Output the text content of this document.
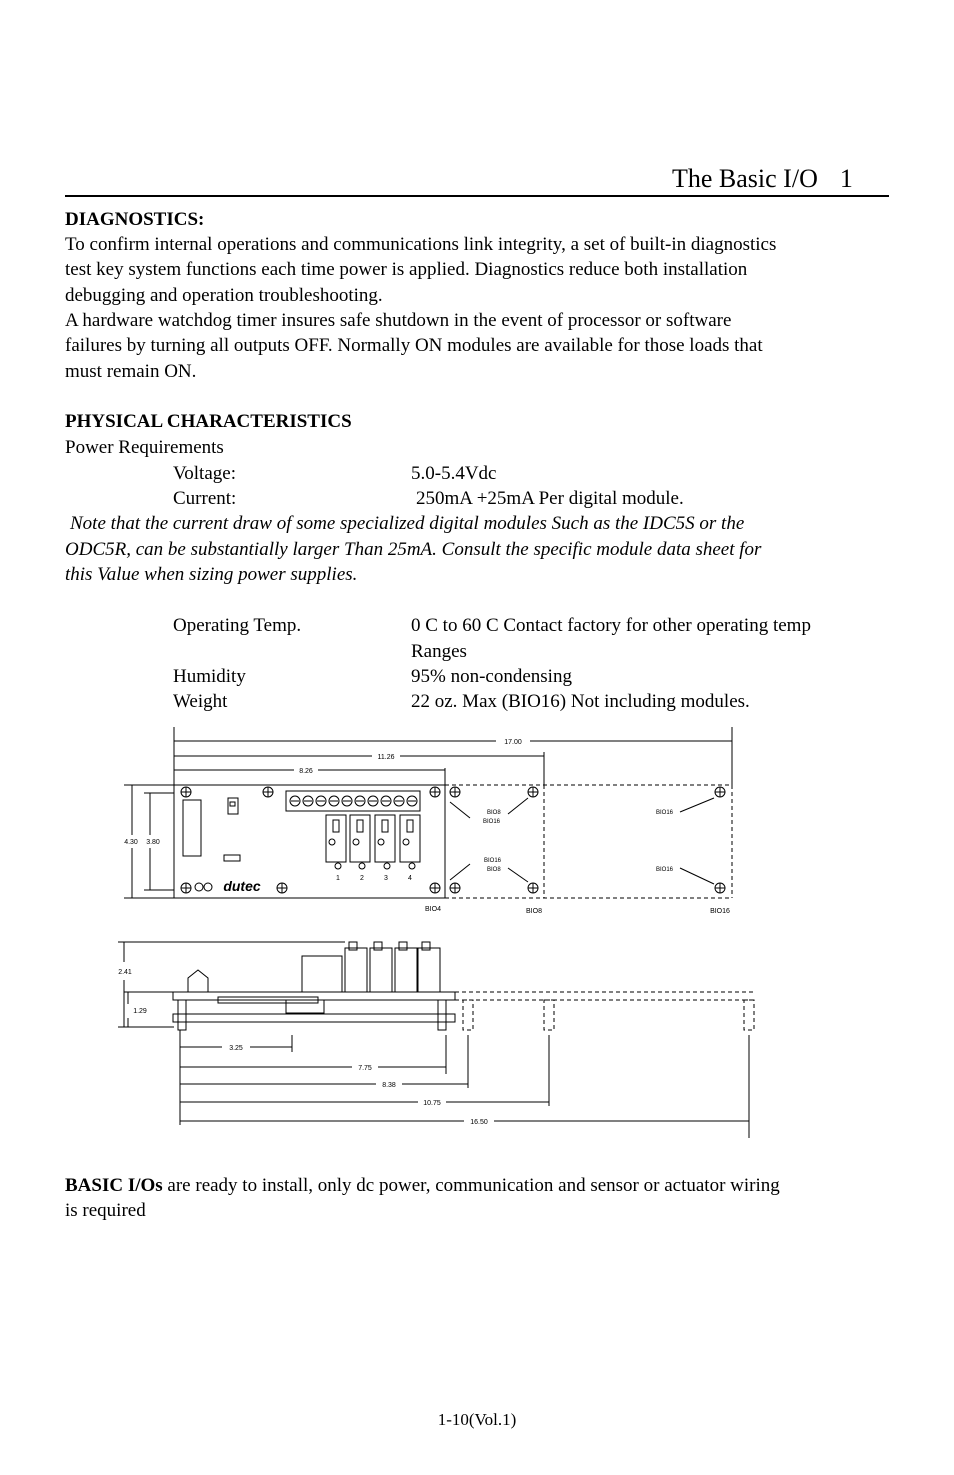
The Basic I/O 1
DIAGNOSTICS:
To confirm internal operations and communications link integrity, a set of built-in diagnostics
test key system functions each time power is applied. Diagnostics reduce both installation
debugging and operation troubleshooting.
A hardware watchdog timer insures safe shutdown in the event of processor or software
failures by turning all outputs OFF. Normally ON modules are available for those loads that
must remain ON.
PHYSICAL CHARACTERISTICS
Power Requirements
Voltage:	5.0-5.4Vdc
Current:	250mA +25mA Per digital module.
Note that the current draw of some specialized digital modules Such as the IDC5S or the
ODC5R, can be substantially larger Than 25mA. Consult the specific module data sheet for
this Value when sizing power supplies.
Operating Temp.	0 C to 60 C Contact factory for other operating temp
Ranges
Humidity	95% non-condensing
Weight	22 oz. Max (BIO16) Not including modules.
17.00
11.26
8.26
4.30 3.80
1	2	3	4
dutec
BIO8
BIO16
BIO16
BIO8
BIO16
BIO16
BIO4	BIO8	BIO16
2.41
1.29
3.25
7.75
8.38
10.75
16.50
BASIC I/Os are ready to install, only dc power, communication and sensor or actuator wiring
is required
1-10(Vol.1)
